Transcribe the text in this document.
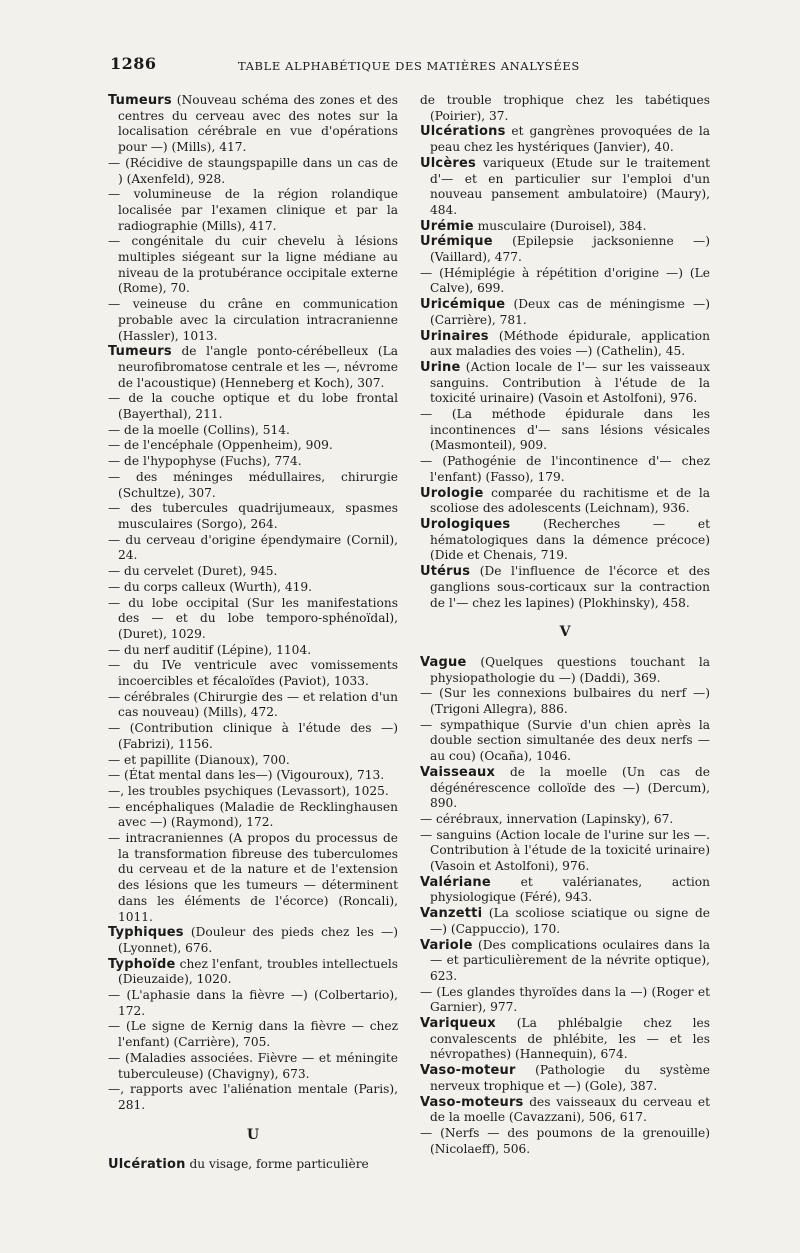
1286	TABLE ALPHABÉTIQUE DES MATIÈRES ANALYSÉES

Tumeurs (Nouveau schéma des zones et des centres du cerveau avec des notes sur la localisation cérébrale en vue d'opérations pour —) (Mills), 417.

— (Récidive de staungspapille dans un cas de ) (Axenfeld), 928.

— volumineuse de la région rolandique localisée par l'examen clinique et par la radiographie (Mills), 417.

— congénitale du cuir chevelu à lésions multiples siégeant sur la ligne médiane au niveau de la protubérance occipitale externe (Rome), 70.

— veineuse du crâne en communication probable avec la circulation intracranienne (Hassler), 1013.

Tumeurs de l'angle ponto-cérébelleux (La neurofibromatose centrale et les —, névrome de l'acoustique) (Henneberg et Koch), 307.

— de la couche optique et du lobe frontal (Bayerthal), 211.

— de la moelle (Collins), 514.

— de l'encéphale (Oppenheim), 909.

— de l'hypophyse (Fuchs), 774.

— des méninges médullaires, chirurgie (Schultze), 307.

— des tubercules quadrijumeaux, spasmes musculaires (Sorgo), 264.

— du cerveau d'origine épendymaire (Cornil), 24.

— du cervelet (Duret), 945.

— du corps calleux (Wurth), 419.

— du lobe occipital (Sur les manifestations des — et du lobe temporo-sphénoïdal), (Duret), 1029.

— du nerf auditif (Lépine), 1104.

— du IVe ventricule avec vomissements incoercibles et fécaloïdes (Paviot), 1033.

— cérébrales (Chirurgie des — et relation d'un cas nouveau) (Mills), 472.

— (Contribution clinique à l'étude des —) (Fabrizi), 1156.

— et papillite (Dianoux), 700.

— (État mental dans les—) (Vigouroux), 713.

—, les troubles psychiques (Levassort), 1025.

— encéphaliques (Maladie de Recklinghausen avec —) (Raymond), 172.

— intracraniennes (A propos du processus de la transformation fibreuse des tuberculomes du cerveau et de la nature et de l'extension des lésions que les tumeurs — déterminent dans les éléments de l'écorce) (Roncali), 1011.

Typhiques (Douleur des pieds chez les —) (Lyonnet), 676.

Typhoïde chez l'enfant, troubles intellectuels (Dieuzaide), 1020.

— (L'aphasie dans la fièvre —) (Colbertario), 172.

— (Le signe de Kernig dans la fièvre — chez l'enfant) (Carrière), 705.

— (Maladies associées. Fièvre — et méningite tuberculeuse) (Chavigny), 673.

—, rapports avec l'aliénation mentale (Paris), 281.

U

Ulcération du visage, forme particulière

de trouble trophique chez les tabétiques (Poirier), 37.

Ulcérations et gangrènes provoquées de la peau chez les hystériques (Janvier), 40.

Ulcères variqueux (Etude sur le traitement d'— et en particulier sur l'emploi d'un nouveau pansement ambulatoire) (Maury), 484.

Urémie musculaire (Duroisel), 384.

Urémique (Epilepsie jacksonienne —) (Vaillard), 477.

— (Hémiplégie à répétition d'origine —) (Le Calve), 699.

Uricémique (Deux cas de méningisme —) (Carrière), 781.

Urinaires (Méthode épidurale, application aux maladies des voies —) (Cathelin), 45.

Urine (Action locale de l'— sur les vaisseaux sanguins. Contribution à l'étude de la toxicité urinaire) (Vasoin et Astolfoni), 976.

— (La méthode épidurale dans les incontinences d'— sans lésions vésicales (Masmonteil), 909.

— (Pathogénie de l'incontinence d'— chez l'enfant) (Fasso), 179.

Urologie comparée du rachitisme et de la scoliose des adolescents (Leichnam), 936.

Urologiques (Recherches — et hématologiques dans la démence précoce) (Dide et Chenais, 719.

Utérus (De l'influence de l'écorce et des ganglions sous-corticaux sur la contraction de l'— chez les lapines) (Plokhinsky), 458.

V

Vague (Quelques questions touchant la physiopathologie du —) (Daddi), 369.

— (Sur les connexions bulbaires du nerf —) (Trigoni Allegra), 886.

— sympathique (Survie d'un chien après la double section simultanée des deux nerfs — au cou) (Ocaña), 1046.

Vaisseaux de la moelle (Un cas de dégénérescence colloïde des —) (Dercum), 890.

— cérébraux, innervation (Lapinsky), 67.

— sanguins (Action locale de l'urine sur les —. Contribution à l'étude de la toxicité urinaire) (Vasoin et Astolfoni), 976.

Valériane et valérianates, action physiologique (Féré), 943.

Vanzetti (La scoliose sciatique ou signe de —) (Cappuccio), 170.

Variole (Des complications oculaires dans la — et particulièrement de la névrite optique), 623.

— (Les glandes thyroïdes dans la —) (Roger et Garnier), 977.

Variqueux (La phlébalgie chez les convalescents de phlébite, les — et les névropathes) (Hannequin), 674.

Vaso-moteur (Pathologie du système nerveux trophique et —) (Gole), 387.

Vaso-moteurs des vaisseaux du cerveau et de la moelle (Cavazzani), 506, 617.

— (Nerfs — des poumons de la grenouille) (Nicolaeff), 506.
